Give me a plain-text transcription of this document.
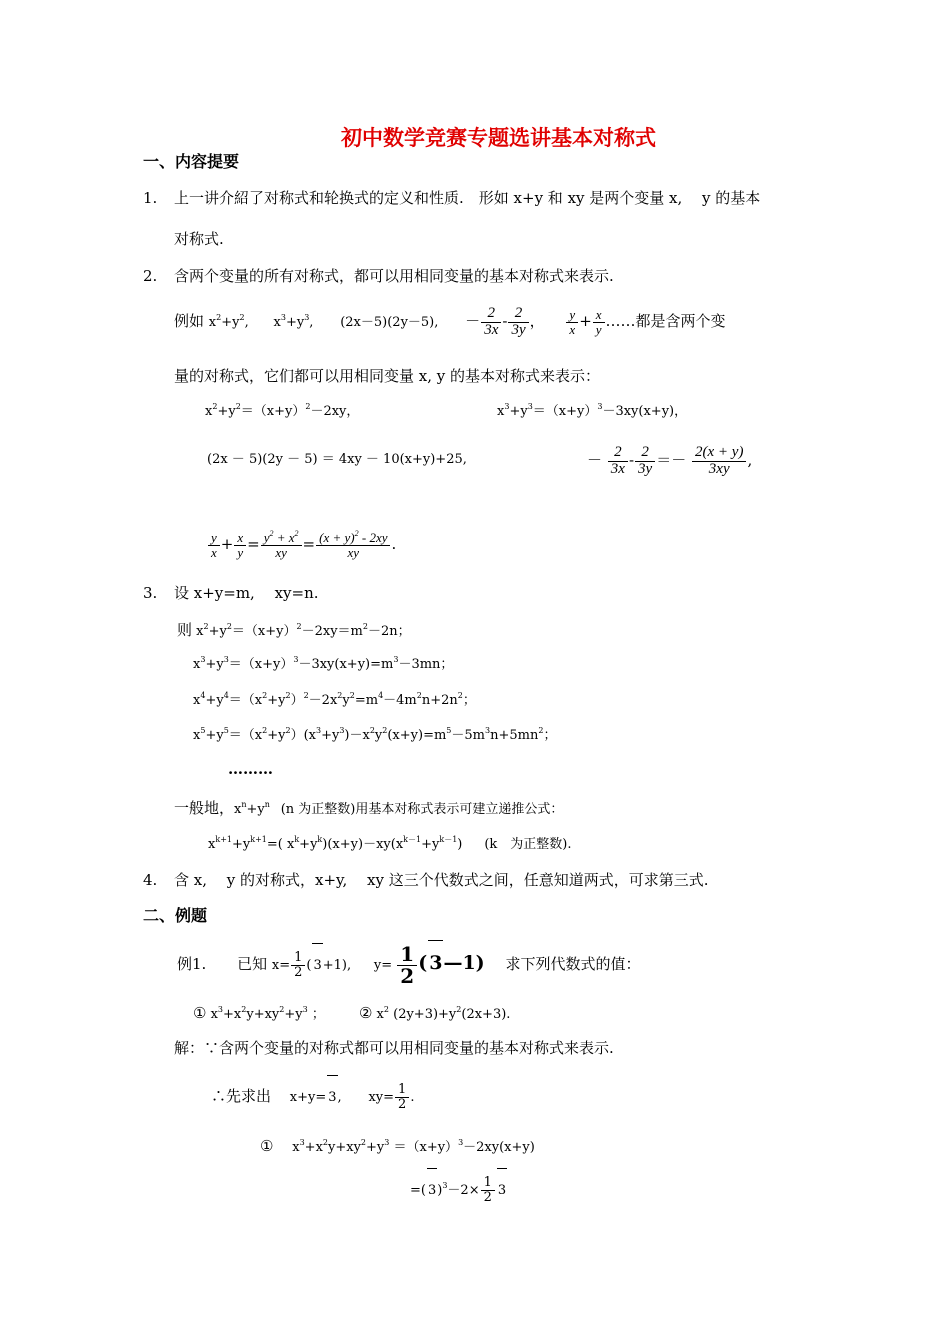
初中数学竞赛专题选讲基本对称式
一、内容提要
1. 上一讲介紹了对称式和轮换式的定义和性质.　形如 x+y 和 xy 是两个变量 x,　 y 的基本
对称式.
2. 含两个变量的所有对称式，都可以用相同变量的基本对称式来表示.
例如 $x^2+y^2$, $x^3+y^3$, (2x－5)(2y－5), － $\frac{2}{3x} - \frac{2}{3y}$ ， $\frac{y}{x} + \frac{x}{y}$ ……都是含两个变
量的对称式，它们都可以用相同变量 x, y 的基本对称式来表示：
$x^2+y^2=(x+y)^2-2xy$，	$x^3+y^3=(x+y)^3-3xy(x+y)$，
(2x － 5)(2y － 5) ＝ 4xy － 10(x+y)+25,	－ $\frac{2}{3x} - \frac{2}{3y} =- \frac{2(x + y)}{3xy}$ ,
$\frac{y}{x} + \frac{x}{y} = \frac{y^2 + x^2}{xy} = \frac{(x + y)^2 - 2xy}{xy}$ .
3. 设 x+y=m,　 xy=n.
则 $x^2+y^2=(x+y)^2-2xy=m^2-2n$；
$x^3+y^3=(x+y)^3-3xy(x+y)=m^3-3mn$；
$x^4+y^4=(x^2+y^2)^2-2x^2y^2=m^4-4m^2n+2n^2$；
$x^5+y^5=(x^2+y^2)(x^3+y^3)-x^2y^2(x+y)=m^5-5m^3n+5mn^2$；
………
一般地，$x^n+y^n$ (n 为正整数)用基本对称式表示可建立递推公式：
$x^{k+1}+y^{k+1}=$( $x^k+y^k)(x+y)-xy(x^{k-1}+y^{k-1})$ (k　为正整数).
4. 含 x,　 y 的对称式，x+y,　 xy 这三个代数式之间，任意知道两式，可求第三式.
二、例题
例1. 已知 $x= \frac{1}{2}$ ( 3+1), $y= \frac{1}{2}$ ( 3—1) 求下列代数式的值：
① $x^3+x^2y+xy^2+y^3$ ； ② $x^2$ $(2y+3)+y^2(2x+3)$.
解：∵含两个变量的对称式都可以用相同变量的基本对称式来表示.
∴先求出 x+y= 3, $xy= \frac{1}{2}$ .
① $x^3+x^2y+xy^2+y^3 =(x+y)^3-2xy(x+y)$
=( $3)^3-2\times \frac{1}{2} 3$
